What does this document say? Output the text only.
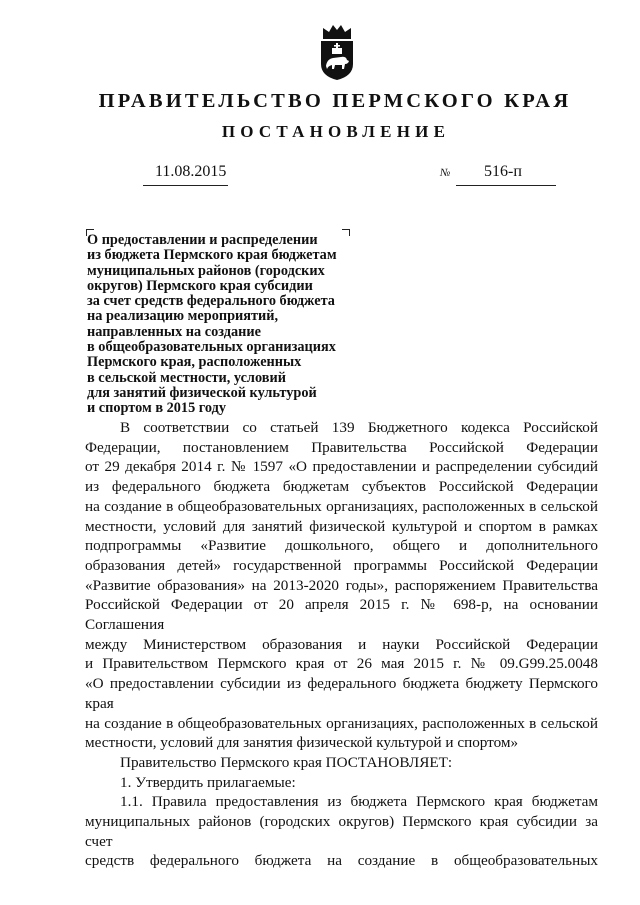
ПРАВИТЕЛЬСТВО ПЕРМСКОГО КРАЯ
ПОСТАНОВЛЕНИЕ
11.08.2015	№ 516-п
О предоставлении и распределении
из бюджета Пермского края бюджетам
муниципальных районов (городских
округов) Пермского края субсидии
за счет средств федерального бюджета
на реализацию мероприятий,
направленных на создание
в общеобразовательных организациях
Пермского края, расположенных
в сельской местности, условий
для занятий физической культурой
и спортом в 2015 году
В соответствии со статьей 139 Бюджетного кодекса Российской
Федерации, постановлением Правительства Российской Федерации
от 29 декабря 2014 г. № 1597 «О предоставлении и распределении субсидий
из федерального бюджета бюджетам субъектов Российской Федерации
на создание в общеобразовательных организациях, расположенных в сельской
местности, условий для занятий физической культурой и спортом в рамках
подпрограммы «Развитие дошкольного, общего и дополнительного
образования детей» государственной программы Российской Федерации
«Развитие образования» на 2013-2020 годы», распоряжением Правительства
Российской Федерации от 20 апреля 2015 г. № 698-р, на основании Соглашения
между Министерством образования и науки Российской Федерации
и Правительством Пермского края от 26 мая 2015 г. № 09.G99.25.0048
«О предоставлении субсидии из федерального бюджета бюджету Пермского края
на создание в общеобразовательных организациях, расположенных в сельской
местности, условий для занятия физической культурой и спортом»
Правительство Пермского края ПОСТАНОВЛЯЕТ:
1. Утвердить прилагаемые:
1.1. Правила предоставления из бюджета Пермского края бюджетам
муниципальных районов (городских округов) Пермского края субсидии за счет
средств федерального бюджета на создание в общеобразовательных
